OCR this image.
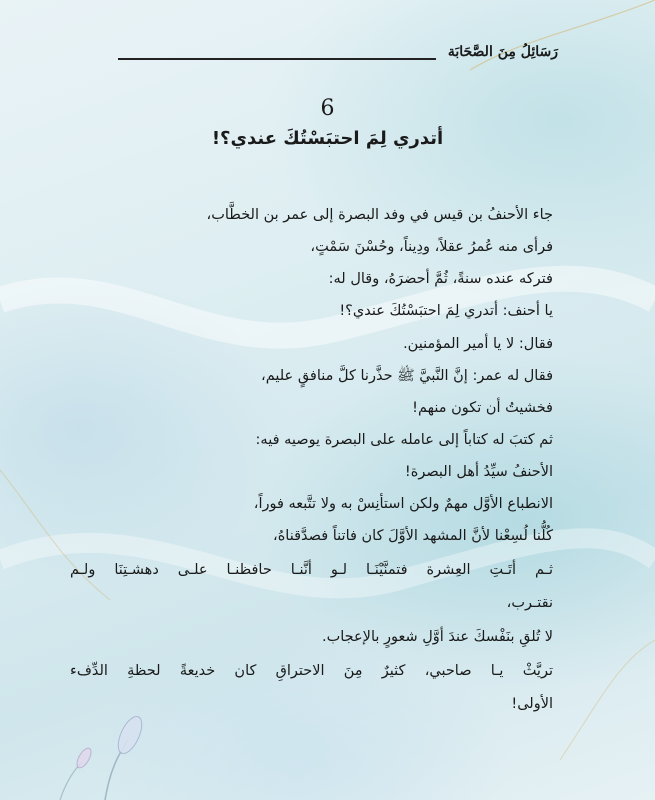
رَسَائِلُ مِنَ الصَّحَابَة
6
أتدري لِمَ احتبَسْتُكَ عندي؟!
جاء الأحنفُ بن قيس في وفد البصرة إلى عمر بن الخطَّاب،
فرأى منه عُمرُ عقلاً، ودِيناً، وحُسْنَ سَمْتٍ،
فتركه عنده سنةً، ثُمَّ أحضرَهُ، وقال له:
يا أحنف: أتدري لِمَ احتبَسْتُكَ عندي؟!
فقال: لا يا أمير المؤمنين.
فقال له عمر: إنَّ النَّبيَّ ﷺ حذَّرنا كلَّ منافقٍ عليم،
فخشيتُ أن تكون منهم!
ثم كتبَ له كتاباً إلى عامله على البصرة يوصيه فيه:
الأحنفُ سيِّدُ أهل البصرة!
الانطباع الأوَّل مهمٌ ولكن استأنِسْ به ولا تتَّبعه فوراً،
كُلُّنا لُسِعْنا لأنَّ المشهد الأوَّلَ كان فاتناً فصدَّقناهُ،
ثـم أتَـتِ العِشرة فتمنَّيْنَـا لـو أنَّنـا حافظنـا علـى دهشـتِنَا ولـم
نقتـرب،
لا تُلقِ بنَفْسكَ عندَ أوَّلِ شعورٍ بالإعجاب.
تريَّثْ يـا صاحبي، كثيرٌ مِنَ الاحتراقِ كان خديعةً لحظةِ الدِّفء
الأولى!
